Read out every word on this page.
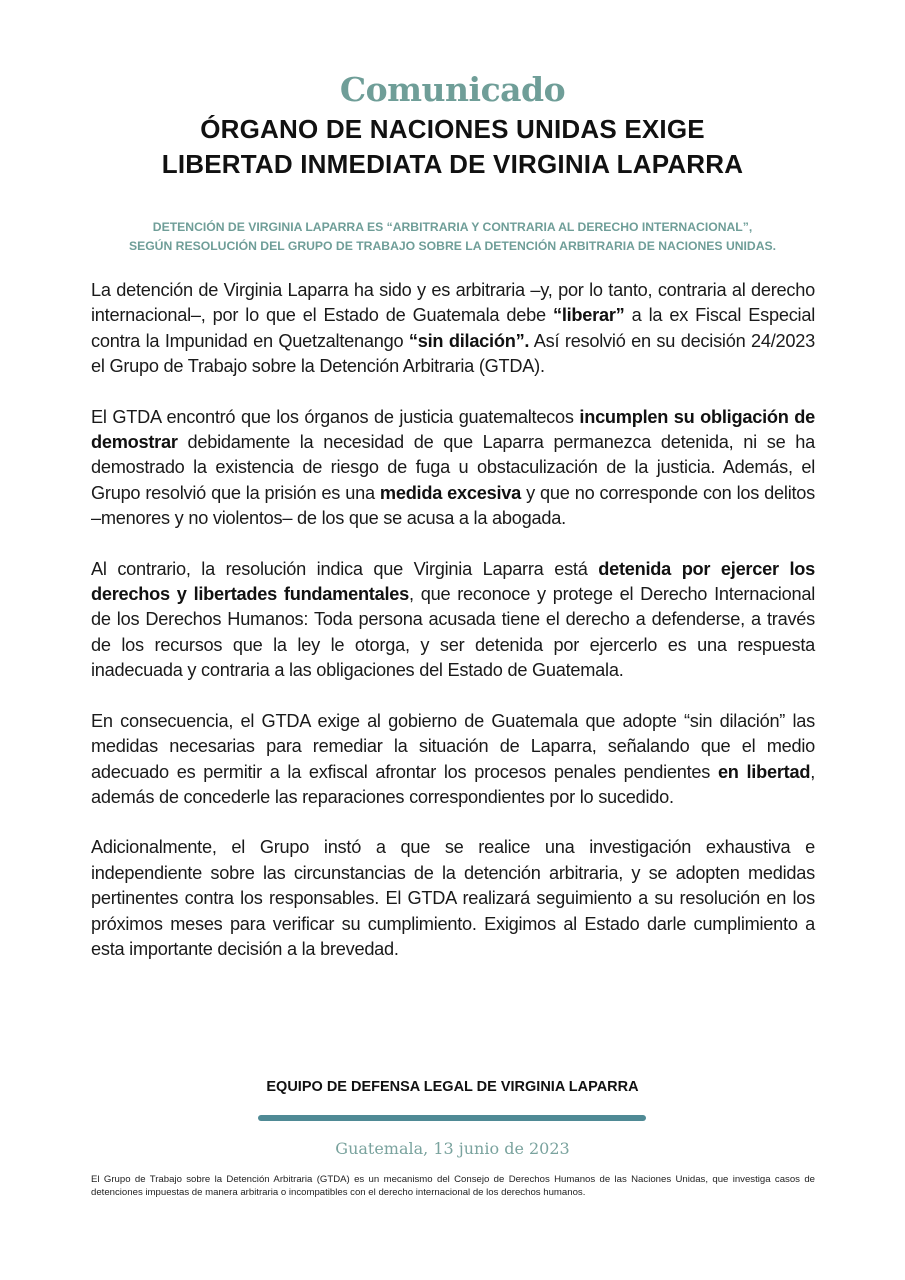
Comunicado
ÓRGANO DE NACIONES UNIDAS EXIGE
LIBERTAD INMEDIATA DE VIRGINIA LAPARRA
DETENCIÓN DE VIRGINIA LAPARRA ES “ARBITRARIA Y CONTRARIA AL DERECHO INTERNACIONAL”,
SEGÚN RESOLUCIÓN DEL GRUPO DE TRABAJO SOBRE LA DETENCIÓN ARBITRARIA DE NACIONES UNIDAS.

La detención de Virginia Laparra ha sido y es arbitraria –y, por lo tanto, contraria al derecho internacional–, por lo que el Estado de Guatemala debe “liberar” a la ex Fiscal Especial contra la Impunidad en Quetzaltenango “sin dilación”. Así resolvió en su decisión 24/2023 el Grupo de Trabajo sobre la Detención Arbitraria (GTDA).

El GTDA encontró que los órganos de justicia guatemaltecos incumplen su obligación de demostrar debidamente la necesidad de que Laparra permanezca detenida, ni se ha demostrado la existencia de riesgo de fuga u obstaculización de la justicia. Además, el Grupo resolvió que la prisión es una medida excesiva y que no corresponde con los delitos –menores y no violentos– de los que se acusa a la abogada.

Al contrario, la resolución indica que Virginia Laparra está detenida por ejercer los derechos y libertades fundamentales, que reconoce y protege el Derecho Internacional de los Derechos Humanos: Toda persona acusada tiene el derecho a defenderse, a través de los recursos que la ley le otorga, y ser detenida por ejercerlo es una respuesta inadecuada y contraria a las obligaciones del Estado de Guatemala.

En consecuencia, el GTDA exige al gobierno de Guatemala que adopte “sin dilación” las medidas necesarias para remediar la situación de Laparra, señalando que el medio adecuado es permitir a la exfiscal afrontar los procesos penales pendientes en libertad, además de concederle las reparaciones correspondientes por lo sucedido.

Adicionalmente, el Grupo instó a que se realice una investigación exhaustiva e independiente sobre las circunstancias de la detención arbitraria, y se adopten medidas pertinentes contra los responsables. El GTDA realizará seguimiento a su resolución en los próximos meses para verificar su cumplimiento. Exigimos al Estado darle cumplimiento a esta importante decisión a la brevedad.

EQUIPO DE DEFENSA LEGAL DE VIRGINIA LAPARRA
Guatemala, 13 junio de 2023
El Grupo de Trabajo sobre la Detención Arbitraria (GTDA) es un mecanismo del Consejo de Derechos Humanos de las Naciones Unidas, que investiga casos de detenciones impuestas de manera arbitraria o incompatibles con el derecho internacional de los derechos humanos.
